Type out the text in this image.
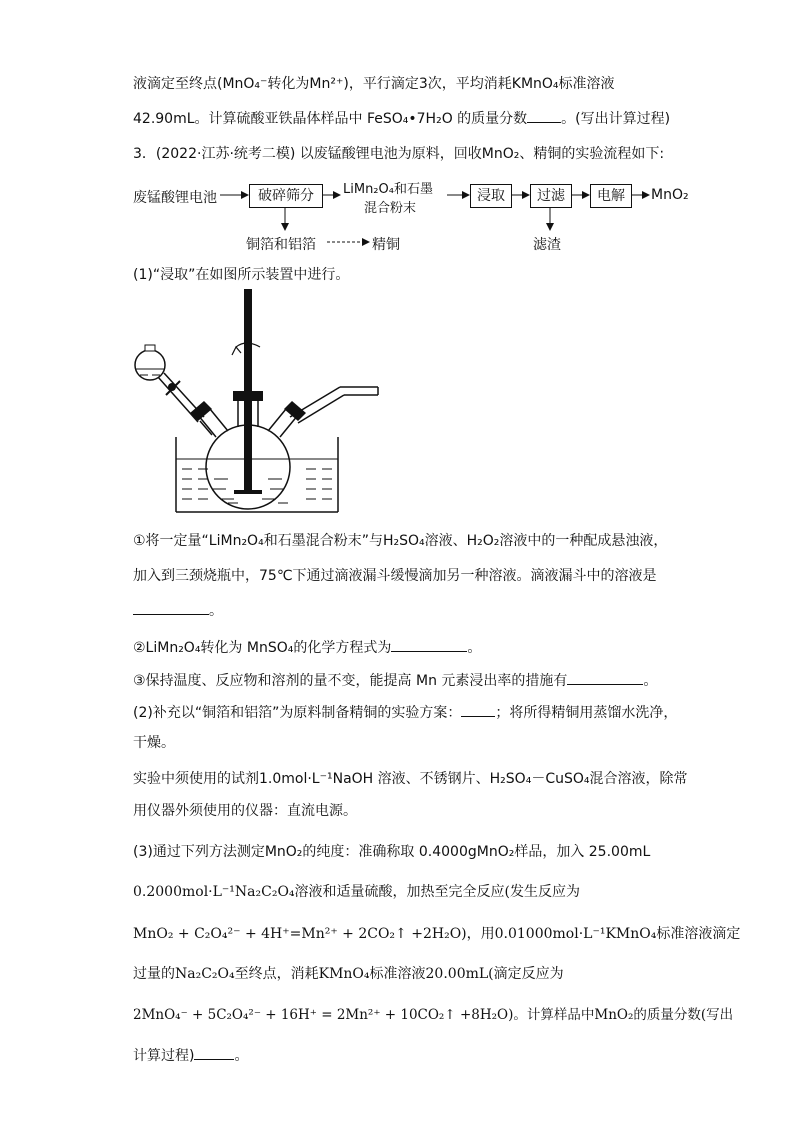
液滴定至终点(MnO₄⁻转化为Mn²⁺)，平行滴定3次，平均消耗KMnO₄标准溶液
42.90mL。计算硫酸亚铁晶体样品中 FeSO₄•7H₂O 的质量分数 。(写出计算过程)
3．(2022·江苏·统考二模) 以废锰酸锂电池为原料，回收MnO₂、精铜的实验流程如下:
废锰酸锂电池	破碎筛分	LiMn₂O₄和石墨
混合粉末
浸取	过滤	电解	MnO₂
铜箔和铝箔	精铜	滤渣
(1)“浸取”在如图所示装置中进行。
①将一定量“LiMn₂O₄和石墨混合粉末”与H₂SO₄溶液、H₂O₂溶液中的一种配成悬浊液，
加入到三颈烧瓶中，75℃下通过滴液漏斗缓慢滴加另一种溶液。滴液漏斗中的溶液是
。
②LiMn₂O₄转化为 MnSO₄的化学方程式为	。
③保持温度、反应物和溶剂的量不变，能提高 Mn 元素浸出率的措施有	。
(2)补充以“铜箔和铝箔”为原料制备精铜的实验方案： ；将所得精铜用蒸馏水洗净，
干燥。
实验中须使用的试剂1.0mol·L⁻¹NaOH 溶液、不锈钢片、H₂SO₄－CuSO₄混合溶液，除常
用仪器外须使用的仪器：直流电源。
(3)通过下列方法测定MnO₂的纯度：准确称取 0.4000gMnO₂样品，加入 25.00mL
0.2000mol·L⁻¹Na₂C₂O₄溶液和适量硫酸，加热至完全反应(发生反应为
MnO₂ + C₂O₄²⁻ + 4H⁺=Mn²⁺ + 2CO₂↑ +2H₂O)，用0.01000mol·L⁻¹KMnO₄标准溶液滴定
过量的Na₂C₂O₄至终点，消耗KMnO₄标准溶液20.00mL(滴定反应为
2MnO₄⁻ + 5C₂O₄²⁻ + 16H⁺ = 2Mn²⁺ + 10CO₂↑ +8H₂O)。计算样品中MnO₂的质量分数(写出
计算过程)	。
